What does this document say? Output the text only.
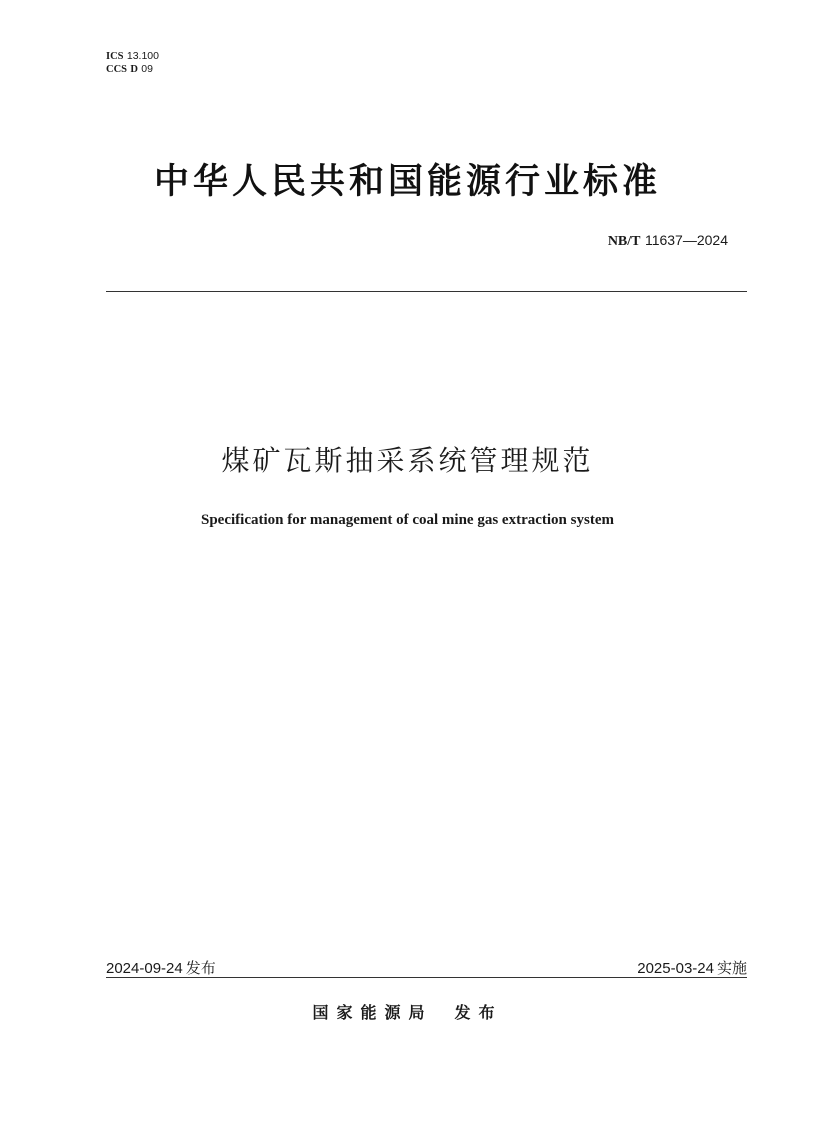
ICS 13.100
CCS D 09
中华人民共和国能源行业标准
NB/T 11637—2024
煤矿瓦斯抽采系统管理规范
Specification for management of coal mine gas extraction system
2024-09-24 发布	2025-03-24 实施
国家能源局 发布
